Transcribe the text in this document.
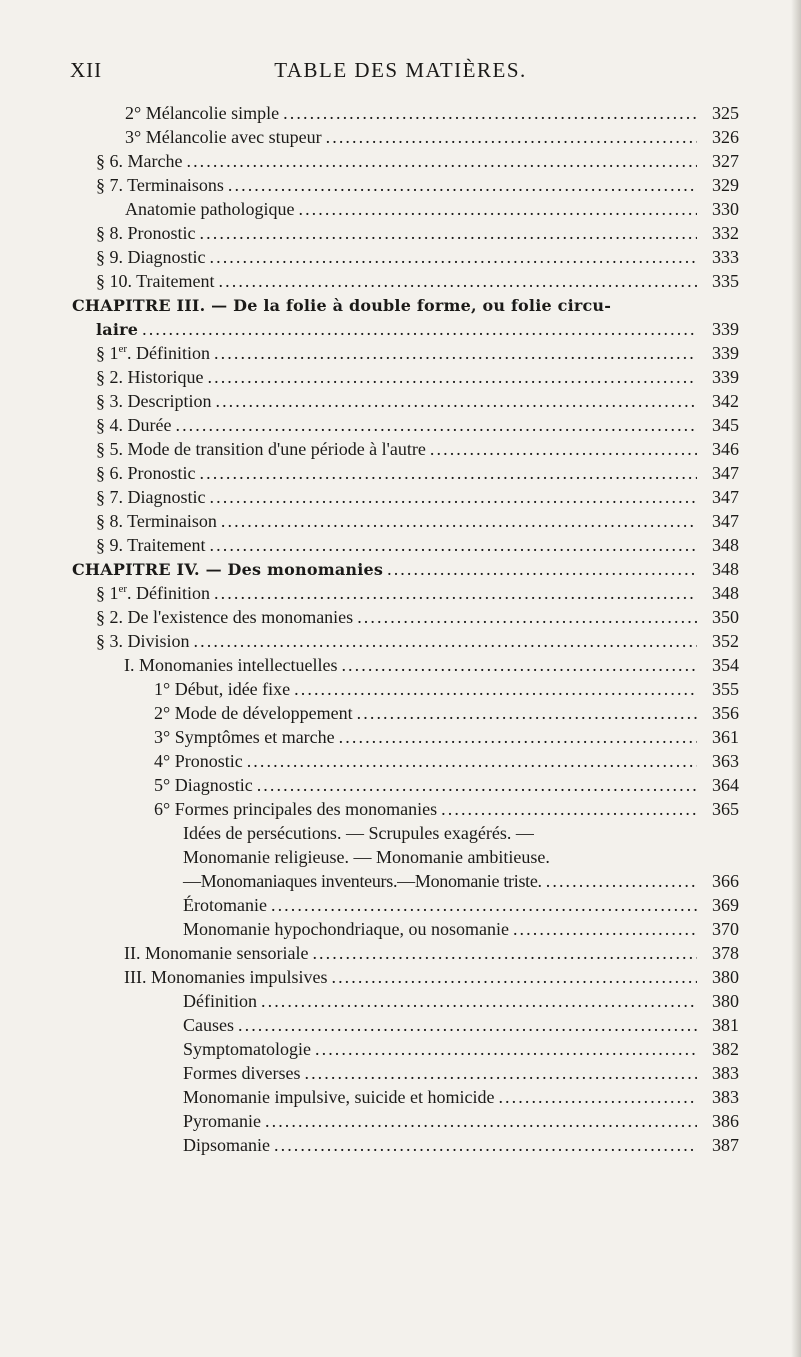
XII	TABLE DES MATIÈRES.
2° Mélancolie simple . . .	325
3° Mélancolie avec stupeur . . .	326
§ 6. Marche . . .	327
§ 7. Terminaisons . . .	329
Anatomie pathologique . . .	330
§ 8. Pronostic . . .	332
§ 9. Diagnostic . . .	333
§ 10. Traitement . . .	335
CHAPITRE III. — De la folie à double forme, ou folie circu-
laire . . .	339
§ 1er. Définition . . .	339
§ 2. Historique . . .	339
§ 3. Description . . .	342
§ 4. Durée . . .	345
§ 5. Mode de transition d'une période à l'autre . . .	346
§ 6. Pronostic . . .	347
§ 7. Diagnostic . . .	347
§ 8. Terminaison . . .	347
§ 9. Traitement . . .	348
CHAPITRE IV. — Des monomanies . . .	348
§ 1er. Définition . . .	348
§ 2. De l'existence des monomanies . . .	350
§ 3. Division . . .	352
I. Monomanies intellectuelles . . .	354
1° Début, idée fixe . . .	355
2° Mode de développement . . .	356
3° Symptômes et marche . . .	361
4° Pronostic . . .	363
5° Diagnostic . . .	364
6° Formes principales des monomanies . . .	365
Idées de persécutions. — Scrupules exagérés. —
Monomanie religieuse. — Monomanie ambitieuse.
—Monomaniaques inventeurs.—Monomanie triste. . . .	366
Érotomanie . . .	369
Monomanie hypochondriaque, ou nosomanie . . .	370
II. Monomanie sensoriale . . .	378
III. Monomanies impulsives . . .	380
Définition . . .	380
Causes . . .	381
Symptomatologie . . .	382
Formes diverses . . .	383
Monomanie impulsive, suicide et homicide . . .	383
Pyromanie . . .	386
Dipsomanie . . .	387
